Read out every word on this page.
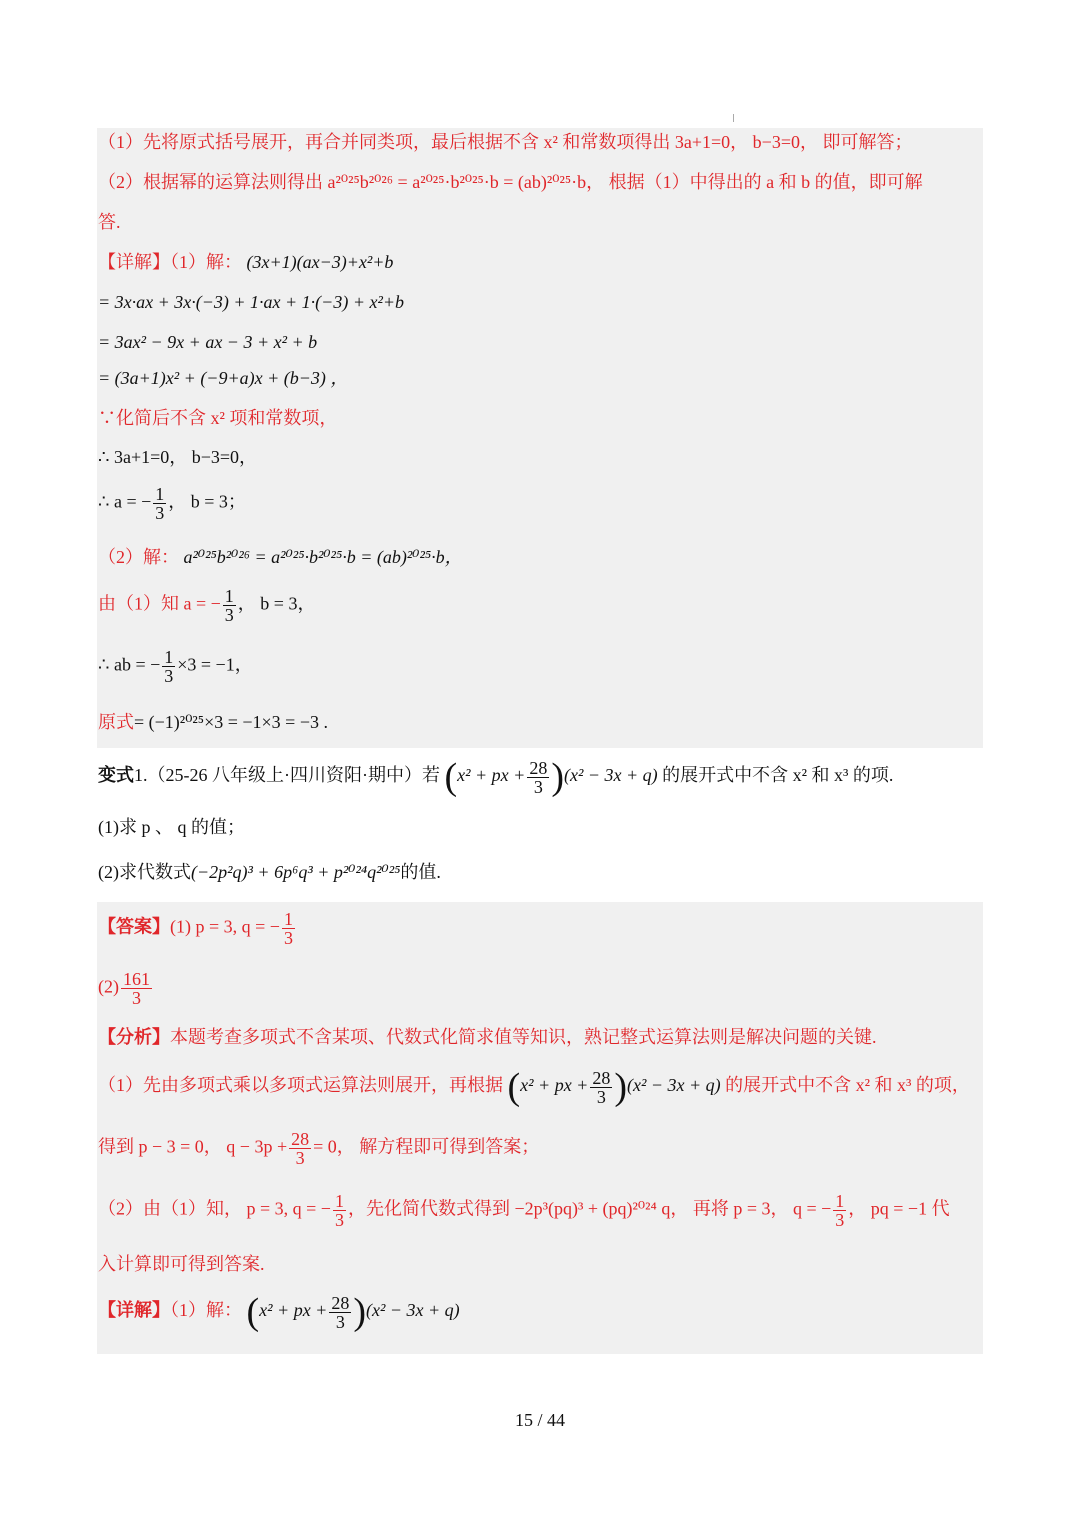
（1）先将原式括号展开，再合并同类项，最后根据不含 x² 和常数项得出 3a+1=0， b−3=0， 即可解答；
（2）根据幂的运算法则得出 a²⁰²⁵b²⁰²⁶ = a²⁰²⁵·b²⁰²⁵·b = (ab)²⁰²⁵·b， 根据（1）中得出的 a 和 b 的值，即可解
答.
【详解】（1）解： (3x+1)(ax−3)+x²+b
= 3x·ax + 3x·(−3) + 1·ax + 1·(−3) + x²+b
= 3ax² − 9x + ax − 3 + x² + b
= (3a+1)x² + (−9+a)x + (b−3) ，
∵化简后不含 x² 项和常数项，
∴ 3a+1=0， b−3=0，
∴ a = − $\frac{1}{3}$ ， b = 3；
（2）解： a²⁰²⁵b²⁰²⁶ = a²⁰²⁵·b²⁰²⁵·b = (ab)²⁰²⁵·b，
由（1）知 a = − $\frac{1}{3}$ ， b = 3，
∴ ab = − $\frac{1}{3} \times 3 = -1$，
原式= (−1)²⁰²⁵×3 = −1×3 = −3 .
变式1.（25-26 八年级上·四川资阳·期中）若 (x² + px + $\frac{28}{3} )(x^2 - 3x + q)$ 的展开式中不含 x² 和 x³ 的项.
(1)求 p 、 q 的值；
(2)求代数式(−2p²q)³ + 6p⁶q³ + p²⁰²⁴q²⁰²⁵的值.
【答案】(1) p = 3, q = − $\frac{1}{3}$
$(2) \frac{161}{3}$
【分析】本题考查多项式不含某项、代数式化简求值等知识，熟记整式运算法则是解决问题的关键.
（1）先由多项式乘以多项式运算法则展开，再根据 (x² + px + $\frac{28}{3} )(x^2 - 3x + q)$ 的展开式中不含 x² 和 x³ 的项，
得到 p − 3 = 0， $q - 3p + \frac{28}{3} = 0$， 解方程即可得到答案；
（2）由（1）知， p = 3, q = − $\frac{1}{3}$ ，先化简代数式得到 −2p³(pq)³ + (pq)²⁰²⁴ q， 再将 p = 3， q = − $\frac{1}{3}$ ， pq = −1 代
入计算即可得到答案.
【详解】（1）解： (x² + px + $\frac{28}{3} )(x^2 - 3x + q)$
15 / 44
